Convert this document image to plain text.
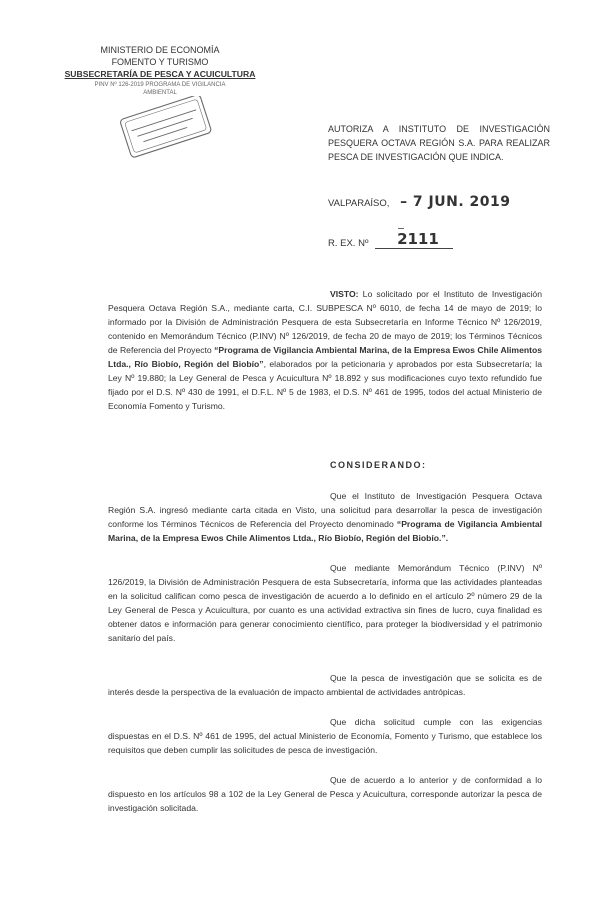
MINISTERIO DE ECONOMÍA
FOMENTO Y TURISMO
SUBSECRETARÍA DE PESCA Y ACUICULTURA
PINV Nº 126-2019 PROGRAMA DE VIGILANCIA
AMBIENTAL
AUTORIZA A INSTITUTO DE INVESTIGACIÓN PESQUERA OCTAVA REGIÓN S.A. PARA REALIZAR PESCA DE INVESTIGACIÓN QUE INDICA.
VALPARAÍSO, – 7 JUN. 2019
R. EX. Nº 2111
VISTO: Lo solicitado por el Instituto de Investigación Pesquera Octava Región S.A., mediante carta, C.I. SUBPESCA Nº 6010, de fecha 14 de mayo de 2019; lo informado por la División de Administración Pesquera de esta Subsecretaría en Informe Técnico Nº 126/2019, contenido en Memorándum Técnico (P.INV) Nº 126/2019, de fecha 20 de mayo de 2019; los Términos Técnicos de Referencia del Proyecto “Programa de Vigilancia Ambiental Marina, de la Empresa Ewos Chile Alimentos Ltda., Río Biobío, Región del Biobío”, elaborados por la peticionaria y aprobados por esta Subsecretaría; la Ley Nº 19.880; la Ley General de Pesca y Acuicultura Nº 18.892 y sus modificaciones cuyo texto refundido fue fijado por el D.S. Nº 430 de 1991, el D.F.L. Nº 5 de 1983, el D.S. Nº 461 de 1995, todos del actual Ministerio de Economía Fomento y Turismo.
CONSIDERANDO:
Que el Instituto de Investigación Pesquera Octava Región S.A. ingresó mediante carta citada en Visto, una solicitud para desarrollar la pesca de investigación conforme los Términos Técnicos de Referencia del Proyecto denominado “Programa de Vigilancia Ambiental Marina, de la Empresa Ewos Chile Alimentos Ltda., Río Biobío, Región del Biobío.”.
Que mediante Memorándum Técnico (P.INV) Nº 126/2019, la División de Administración Pesquera de esta Subsecretaría, informa que las actividades planteadas en la solicitud califican como pesca de investigación de acuerdo a lo definido en el artículo 2º número 29 de la Ley General de Pesca y Acuicultura, por cuanto es una actividad extractiva sin fines de lucro, cuya finalidad es obtener datos e información para generar conocimiento científico, para proteger la biodiversidad y el patrimonio sanitario del país.
Que la pesca de investigación que se solicita es de interés desde la perspectiva de la evaluación de impacto ambiental de actividades antrópicas.
Que dicha solicitud cumple con las exigencias dispuestas en el D.S. Nº 461 de 1995, del actual Ministerio de Economía, Fomento y Turismo, que establece los requisitos que deben cumplir las solicitudes de pesca de investigación.
Que de acuerdo a lo anterior y de conformidad a lo dispuesto en los artículos 98 a 102 de la Ley General de Pesca y Acuicultura, corresponde autorizar la pesca de investigación solicitada.
